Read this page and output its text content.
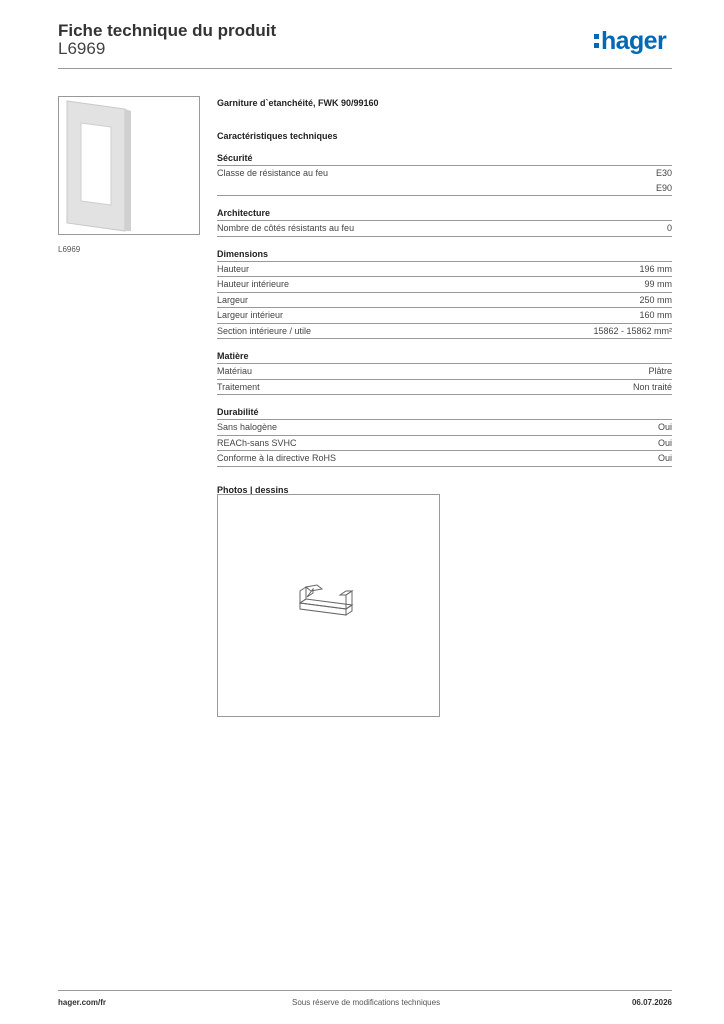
Fiche technique du produit
L6969	hager
L6969
Garniture d`etanchéité, FWK 90/99160
Caractéristiques techniques
Sécurité
Classe de résistance au feu	E30
E90
Architecture
Nombre de côtés résistants au feu	0
Dimensions
Hauteur	196 mm
Hauteur intérieure	99 mm
Largeur	250 mm
Largeur intérieur	160 mm
Section intérieure / utile	15862 - 15862 mm²
Matière
Matériau	Plâtre
Traitement	Non traité
Durabilité
Sans halogène	Oui
REACh-sans SVHC	Oui
Conforme à la directive RoHS	Oui
Photos | dessins
hager.com/fr	Sous réserve de modifications techniques	06.07.2026
